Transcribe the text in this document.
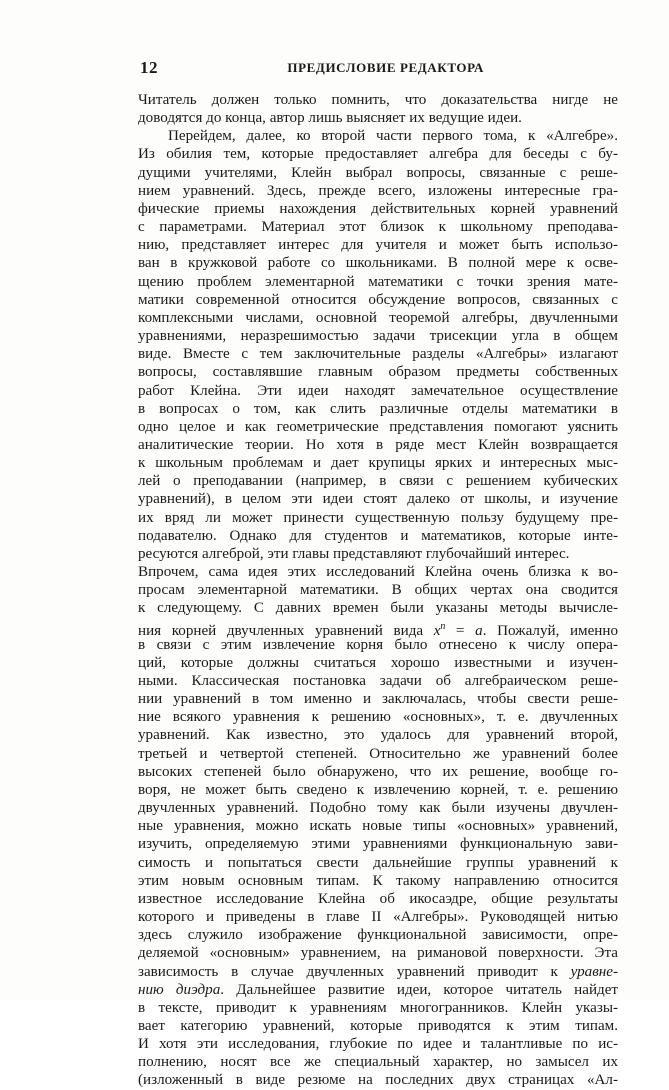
12	ПРЕДИСЛОВИЕ РЕДАКТОРА
Читатель должен только помнить, что доказательства нигде не
доводятся до конца, автор лишь выясняет их ведущие идеи.
Перейдем, далее, ко второй части первого тома, к «Алгебре».
Из обилия тем, которые предоставляет алгебра для беседы с бу-
дущими учителями, Клейн выбрал вопросы, связанные с реше-
нием уравнений. Здесь, прежде всего, изложены интересные гра-
фические приемы нахождения действительных корней уравнений
с параметрами. Материал этот близок к школьному преподава-
нию, представляет интерес для учителя и может быть использо-
ван в кружковой работе со школьниками. В полной мере к осве-
щению проблем элементарной математики с точки зрения мате-
матики современной относится обсуждение вопросов, связанных с
комплексными числами, основной теоремой алгебры, двучленными
уравнениями, неразрешимостью задачи трисекции угла в общем
виде. Вместе с тем заключительные разделы «Алгебры» излагают
вопросы, составлявшие главным образом предметы собственных
работ Клейна. Эти идеи находят замечательное осуществление
в вопросах о том, как слить различные отделы математики в
одно целое и как геометрические представления помогают уяснить
аналитические теории. Но хотя в ряде мест Клейн возвращается
к школьным проблемам и дает крупицы ярких и интересных мыс-
лей о преподавании (например, в связи с решением кубических
уравнений), в целом эти идеи стоят далеко от школы, и изучение
их вряд ли может принести существенную пользу будущему пре-
подавателю. Однако для студентов и математиков, которые инте-
ресуются алгеброй, эти главы представляют глубочайший интерес.
Впрочем, сама идея этих исследований Клейна очень близка к во-
просам элементарной математики. В общих чертах она сводится
к следующему. С давних времен были указаны методы вычисле-
ния корней двучленных уравнений вида $x^n = a$. Пожалуй, именно
в связи с этим извлечение корня было отнесено к числу опера-
ций, которые должны считаться хорошо известными и изучен-
ными. Классическая постановка задачи об алгебраическом реше-
нии уравнений в том именно и заключалась, чтобы свести реше-
ние всякого уравнения к решению «основных», т. е. двучленных
уравнений. Как известно, это удалось для уравнений второй,
третьей и четвертой степеней. Относительно же уравнений более
высоких степеней было обнаружено, что их решение, вообще го-
воря, не может быть сведено к извлечению корней, т. е. решению
двучленных уравнений. Подобно тому как были изучены двучлен-
ные уравнения, можно искать новые типы «основных» уравнений,
изучить, определяемую этими уравнениями функциональную зави-
симость и попытаться свести дальнейшие группы уравнений к
этим новым основным типам. К такому направлению относится
известное исследование Клейна об икосаэдре, общие результаты
которого и приведены в главе II «Алгебры». Руководящей нитью
здесь служило изображение функциональной зависимости, опре-
деляемой «основным» уравнением, на римановой поверхности. Эта
зависимость в случае двучленных уравнений приводит к уравне-
нию диэдра. Дальнейшее развитие идеи, которое читатель найдет
в тексте, приводит к уравнениям многогранников. Клейн указы-
вает категорию уравнений, которые приводятся к этим типам.
И хотя эти исследования, глубокие по идее и талантливые по ис-
полнению, носят все же специальный характер, но замысел их
(изложенный в виде резюме на последних двух страницах «Ал-
